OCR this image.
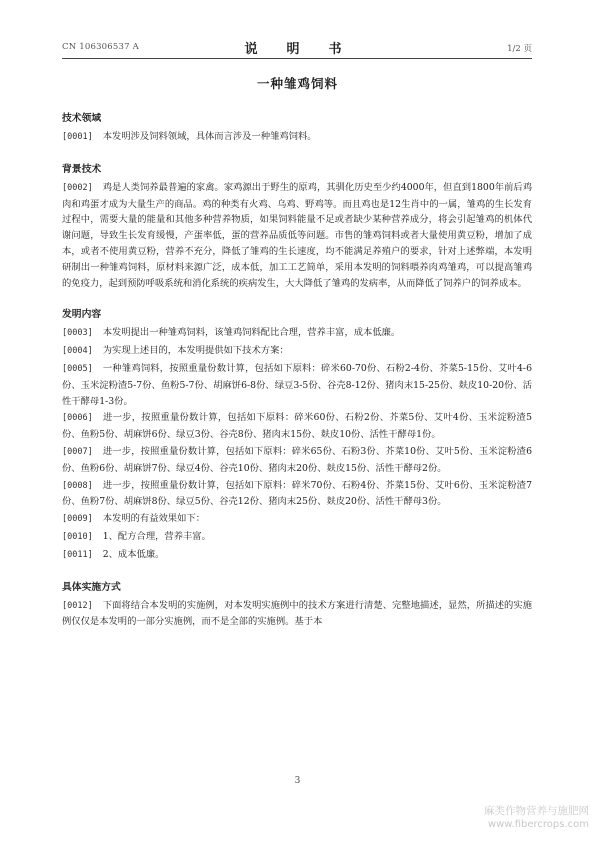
CN 106306537 A	说　明　书	1/2 页
一种雏鸡饲料
技术领域

[0001] 本发明涉及饲料领域，具体而言涉及一种雏鸡饲料。

背景技术

[0002] 鸡是人类饲养最普遍的家禽。家鸡源出于野生的原鸡，其驯化历史至少约4000年，但直到1800年前后鸡肉和鸡蛋才成为大量生产的商品。鸡的种类有火鸡、乌鸡、野鸡等。而且鸡也是12生肖中的一属，雏鸡的生长发育过程中，需要大量的能量和其他多种营养物质，如果饲料能量不足或者缺少某种营养成分，将会引起雏鸡的机体代谢问题，导致生长发育缓慢，产蛋率低，蛋的营养品质低等问题。市售的雏鸡饲料或者大量使用黄豆粉，增加了成本，或者不使用黄豆粉，营养不充分，降低了雏鸡的生长速度，均不能满足养殖户的要求，针对上述弊端，本发明研制出一种雏鸡饲料，原材料来源广泛，成本低，加工工艺简单，采用本发明的饲料喂养肉鸡雏鸡，可以提高雏鸡的免疫力，起到预防呼吸系统和消化系统的疾病发生，大大降低了雏鸡的发病率，从而降低了饲养户的饲养成本。

发明内容

[0003] 本发明提出一种雏鸡饲料，该雏鸡饲料配比合理，营养丰富，成本低廉。

[0004] 为实现上述目的，本发明提供如下技术方案：

[0005] 一种雏鸡饲料，按照重量份数计算，包括如下原料：碎米60-70份、石粉2-4份、芥菜5-15份、艾叶4-6份、玉米淀粉渣5-7份、鱼粉5-7份、胡麻饼6-8份、绿豆3-5份、谷壳8-12份、猪肉末15-25份、麸皮10-20份、活性干酵母1-3份。

[0006] 进一步，按照重量份数计算，包括如下原料：碎米60份、石粉2份、芥菜5份、艾叶4份、玉米淀粉渣5份、鱼粉5份、胡麻饼6份、绿豆3份、谷壳8份、猪肉末15份、麸皮10份、活性干酵母1份。

[0007] 进一步，按照重量份数计算，包括如下原料：碎米65份、石粉3份、芥菜10份、艾叶5份、玉米淀粉渣6份、鱼粉6份、胡麻饼7份、绿豆4份、谷壳10份、猪肉末20份、麸皮15份、活性干酵母2份。

[0008] 进一步，按照重量份数计算，包括如下原料：碎米70份、石粉4份、芥菜15份、艾叶6份、玉米淀粉渣7份、鱼粉7份、胡麻饼8份、绿豆5份、谷壳12份、猪肉末25份、麸皮20份、活性干酵母3份。

[0009] 本发明的有益效果如下：

[0010] 1、配方合理，营养丰富。

[0011] 2、成本低廉。

具体实施方式

[0012] 下面将结合本发明的实施例，对本发明实施例中的技术方案进行清楚、完整地描述，显然，所描述的实施例仅仅是本发明的一部分实施例，而不是全部的实施例。基于本

3
麻类作物营养与施肥网
www.fibercrops.com
